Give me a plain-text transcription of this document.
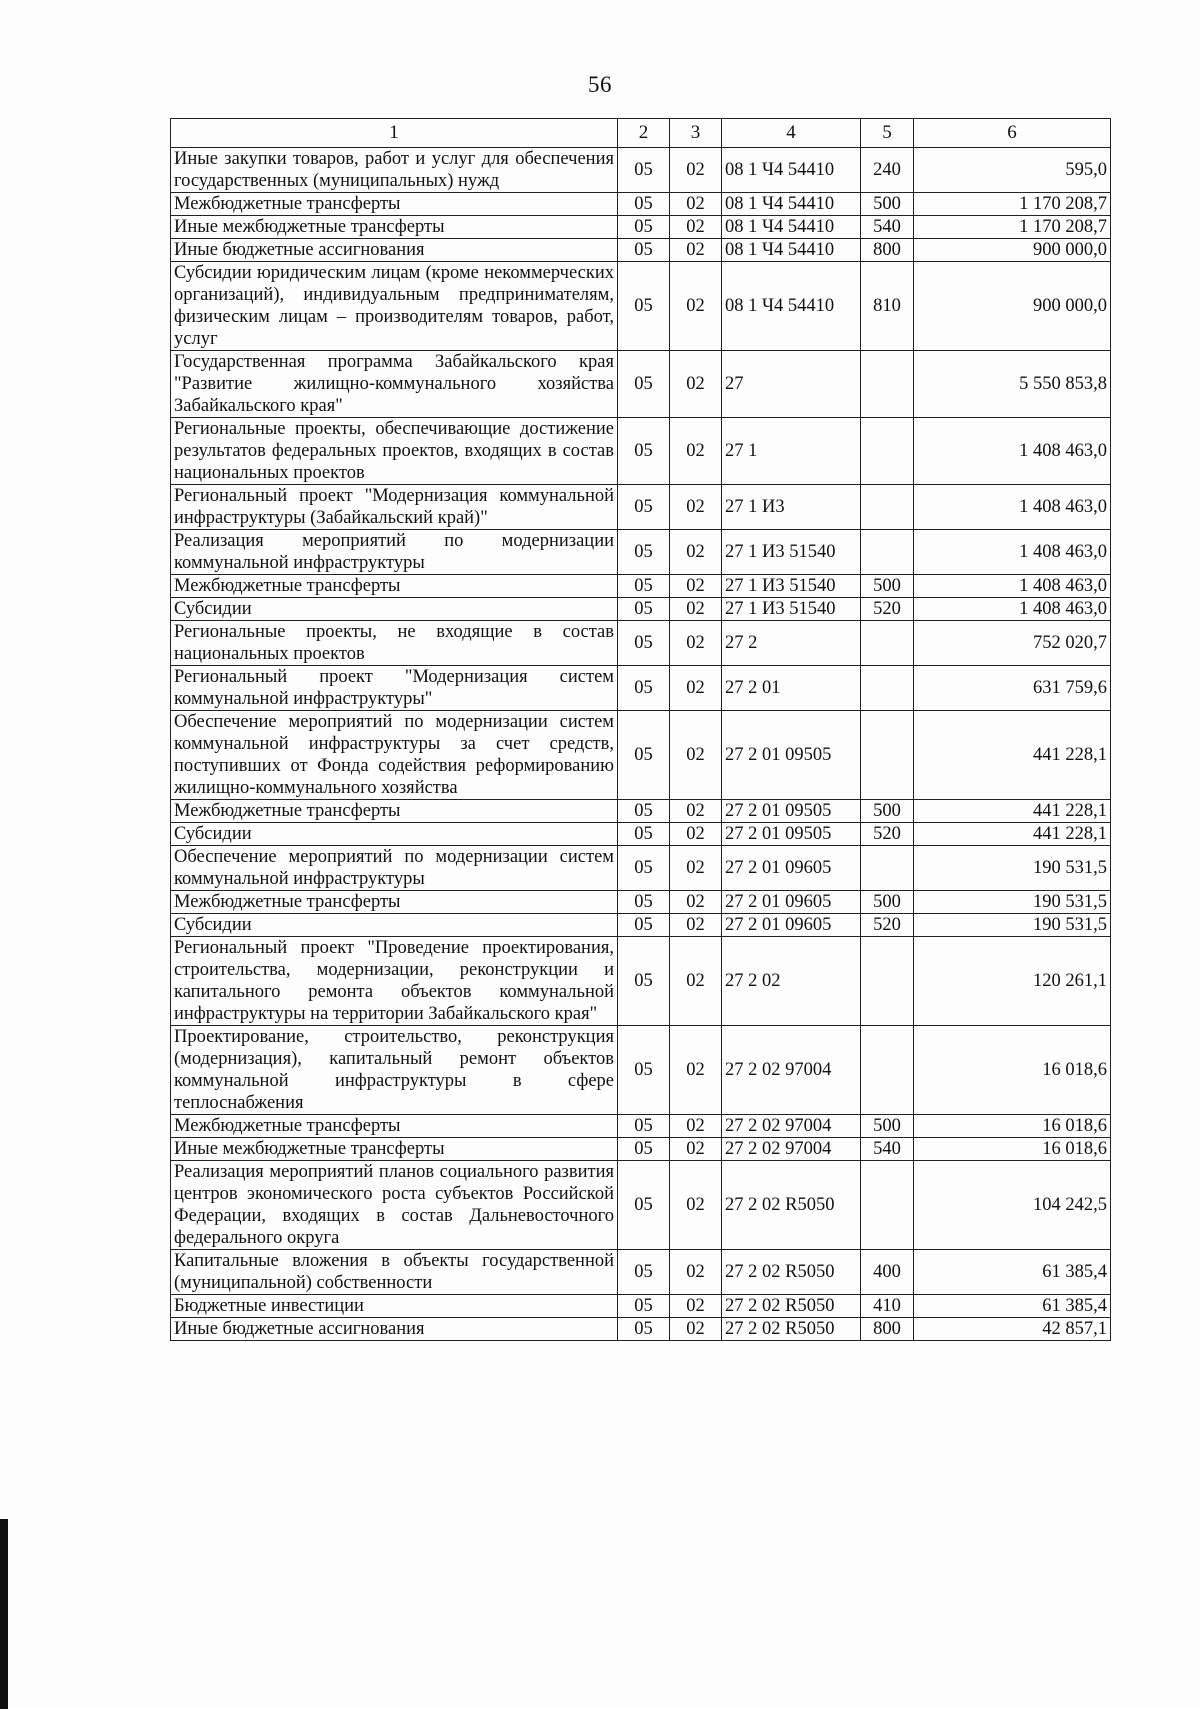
56
1	2	3	4	5	6
Иные закупки товаров, работ и услуг для обеспечения государственных (муниципальных) нужд	05	02	08 1 Ч4 54410	240	595,0
Межбюджетные трансферты	05	02	08 1 Ч4 54410	500	1 170 208,7
Иные межбюджетные трансферты	05	02	08 1 Ч4 54410	540	1 170 208,7
Иные бюджетные ассигнования	05	02	08 1 Ч4 54410	800	900 000,0
Субсидии юридическим лицам (кроме некоммерческих организаций), индивидуальным предпринимателям, физическим лицам – производителям товаров, работ, услуг	05	02	08 1 Ч4 54410	810	900 000,0
Государственная программа Забайкальского края "Развитие жилищно-коммунального хозяйства Забайкальского края"	05	02	27		5 550 853,8
Региональные проекты, обеспечивающие достижение результатов федеральных проектов, входящих в состав национальных проектов	05	02	27 1		1 408 463,0
Региональный проект "Модернизация коммунальной инфраструктуры (Забайкальский край)"	05	02	27 1 И3		1 408 463,0
Реализация мероприятий по модернизации коммунальной инфраструктуры	05	02	27 1 И3 51540		1 408 463,0
Межбюджетные трансферты	05	02	27 1 И3 51540	500	1 408 463,0
Субсидии	05	02	27 1 И3 51540	520	1 408 463,0
Региональные проекты, не входящие в состав национальных проектов	05	02	27 2		752 020,7
Региональный проект "Модернизация систем коммунальной инфраструктуры"	05	02	27 2 01		631 759,6
Обеспечение мероприятий по модернизации систем коммунальной инфраструктуры за счет средств, поступивших от Фонда содействия реформированию жилищно-коммунального хозяйства	05	02	27 2 01 09505		441 228,1
Межбюджетные трансферты	05	02	27 2 01 09505	500	441 228,1
Субсидии	05	02	27 2 01 09505	520	441 228,1
Обеспечение мероприятий по модернизации систем коммунальной инфраструктуры	05	02	27 2 01 09605		190 531,5
Межбюджетные трансферты	05	02	27 2 01 09605	500	190 531,5
Субсидии	05	02	27 2 01 09605	520	190 531,5
Региональный проект "Проведение проектирования, строительства, модернизации, реконструкции и капитального ремонта объектов коммунальной инфраструктуры на территории Забайкальского края"	05	02	27 2 02		120 261,1
Проектирование, строительство, реконструкция (модернизация), капитальный ремонт объектов коммунальной инфраструктуры в сфере теплоснабжения	05	02	27 2 02 97004		16 018,6
Межбюджетные трансферты	05	02	27 2 02 97004	500	16 018,6
Иные межбюджетные трансферты	05	02	27 2 02 97004	540	16 018,6
Реализация мероприятий планов социального развития центров экономического роста субъектов Российской Федерации, входящих в состав Дальневосточного федерального округа	05	02	27 2 02 R5050		104 242,5
Капитальные вложения в объекты государственной (муниципальной) собственности	05	02	27 2 02 R5050	400	61 385,4
Бюджетные инвестиции	05	02	27 2 02 R5050	410	61 385,4
Иные бюджетные ассигнования	05	02	27 2 02 R5050	800	42 857,1
